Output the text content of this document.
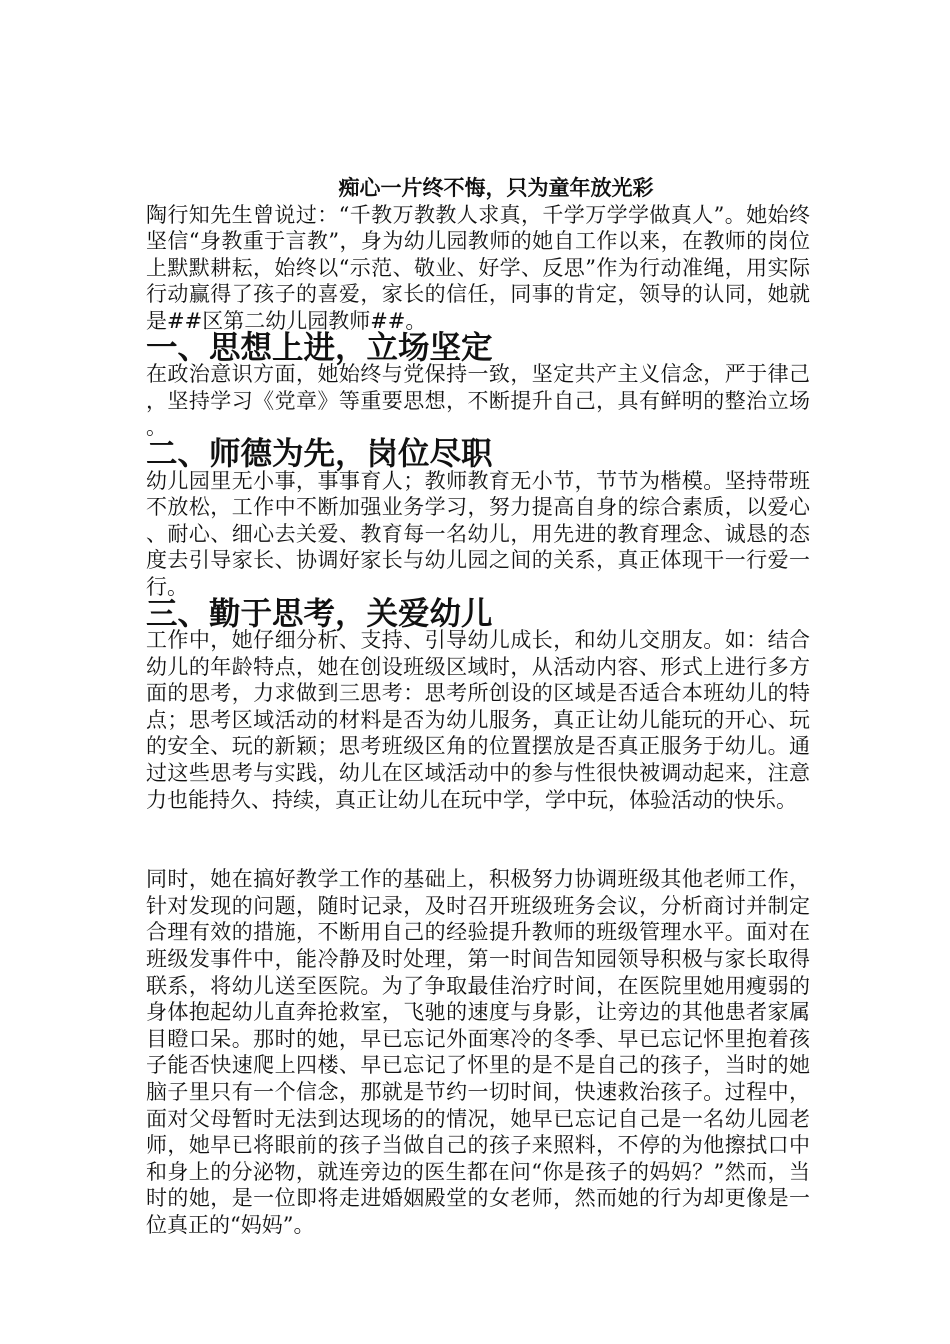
痴心一片终不悔，只为童年放光彩

陶行知先生曾说过：“千教万教教人求真，千学万学学做真人”。她始终坚信“身教重于言教”，身为幼儿园教师的她自工作以来，在教师的岗位上默默耕耘，始终以“示范、敬业、好学、反思”作为行动准绳，用实际行动赢得了孩子的喜爱，家长的信任，同事的肯定，领导的认同，她就是##区第二幼儿园教师##。

一、思想上进，立场坚定

在政治意识方面，她始终与党保持一致，坚定共产主义信念，严于律己，坚持学习《党章》等重要思想，不断提升自己，具有鲜明的整治立场。

二、师德为先，岗位尽职

幼儿园里无小事，事事育人；教师教育无小节，节节为楷模。坚持带班不放松，工作中不断加强业务学习，努力提高自身的综合素质，以爱心、耐心、细心去关爱、教育每一名幼儿，用先进的教育理念、诚恳的态度去引导家长、协调好家长与幼儿园之间的关系，真正体现干一行爱一行。

三、勤于思考，关爱幼儿

工作中，她仔细分析、支持、引导幼儿成长，和幼儿交朋友。如：结合幼儿的年龄特点，她在创设班级区域时，从活动内容、形式上进行多方面的思考，力求做到三思考：思考所创设的区域是否适合本班幼儿的特点；思考区域活动的材料是否为幼儿服务，真正让幼儿能玩的开心、玩的安全、玩的新颖；思考班级区角的位置摆放是否真正服务于幼儿。通过这些思考与实践，幼儿在区域活动中的参与性很快被调动起来，注意力也能持久、持续，真正让幼儿在玩中学，学中玩，体验活动的快乐。

同时，她在搞好教学工作的基础上，积极努力协调班级其他老师工作，针对发现的问题，随时记录，及时召开班级班务会议，分析商讨并制定合理有效的措施，不断用自己的经验提升教师的班级管理水平。面对在班级发事件中，能冷静及时处理，第一时间告知园领导积极与家长取得联系，将幼儿送至医院。为了争取最佳治疗时间，在医院里她用瘦弱的身体抱起幼儿直奔抢救室，飞驰的速度与身影，让旁边的其他患者家属目瞪口呆。那时的她，早已忘记外面寒冷的冬季、早已忘记怀里抱着孩子能否快速爬上四楼、早已忘记了怀里的是不是自己的孩子，当时的她脑子里只有一个信念，那就是节约一切时间，快速救治孩子。过程中，面对父母暂时无法到达现场的的情况，她早已忘记自己是一名幼儿园老师，她早已将眼前的孩子当做自己的孩子来照料，不停的为他擦拭口中和身上的分泌物，就连旁边的医生都在问“你是孩子的妈妈？”然而，当时的她，是一位即将走进婚姻殿堂的女老师，然而她的行为却更像是一位真正的“妈妈”。
